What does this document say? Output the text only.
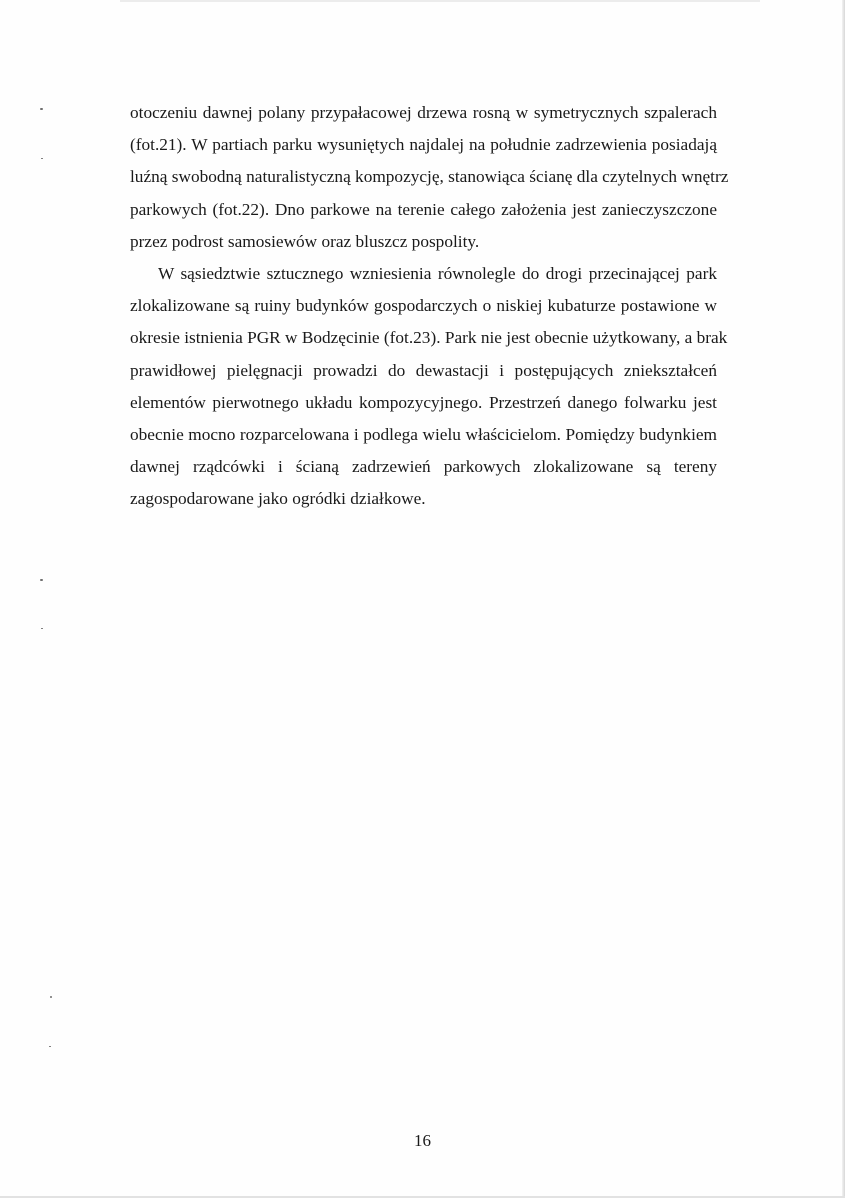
otoczeniu dawnej polany przypałacowej drzewa rosną w symetrycznych szpalerach
(fot.21). W partiach parku wysuniętych najdalej na południe zadrzewienia posiadają
luźną swobodną naturalistyczną kompozycję, stanowiąca ścianę dla czytelnych wnętrz
parkowych (fot.22). Dno parkowe na terenie całego założenia jest zanieczyszczone
przez podrost samosiewów oraz bluszcz pospolity.

W sąsiedztwie sztucznego wzniesienia równolegle do drogi przecinającej park
zlokalizowane są ruiny budynków gospodarczych o niskiej kubaturze postawione w
okresie istnienia PGR w Bodzęcinie (fot.23). Park nie jest obecnie użytkowany, a brak
prawidłowej pielęgnacji prowadzi do dewastacji i postępujących zniekształceń
elementów pierwotnego układu kompozycyjnego. Przestrzeń danego folwarku jest
obecnie mocno rozparcelowana i podlega wielu właścicielom. Pomiędzy budynkiem
dawnej rządcówki i ścianą zadrzewień parkowych zlokalizowane są tereny
zagospodarowane jako ogródki działkowe.

16
